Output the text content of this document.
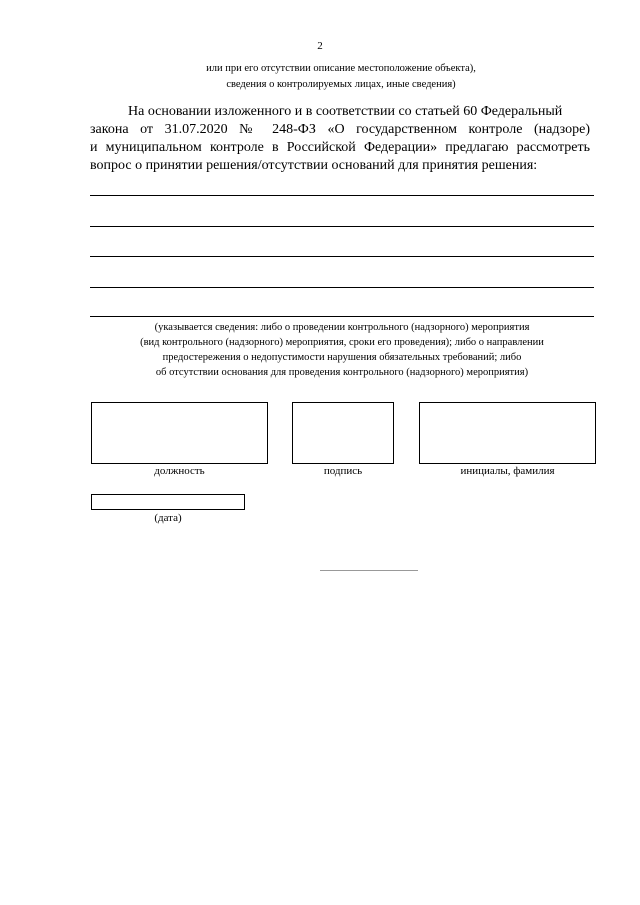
2
или при его отсутствии описание местоположение объекта),
сведения о контролируемых лицах, иные сведения)
На основании изложенного и в соответствии со статьей 60 Федеральный
закона от 31.07.2020 № 248-ФЗ «О государственном контроле (надзоре)
и муниципальном контроле в Российской Федерации» предлагаю рассмотреть
вопрос о принятии решения/отсутствии оснований для принятия решения:
(указывается сведения: либо о проведении контрольного (надзорного) мероприятия
(вид контрольного (надзорного) мероприятия, сроки его проведения); либо о направлении
предостережения о недопустимости нарушения обязательных требований; либо
об отсутствии основания для проведения контрольного (надзорного) мероприятия)
должность	подпись	инициалы, фамилия
(дата)
